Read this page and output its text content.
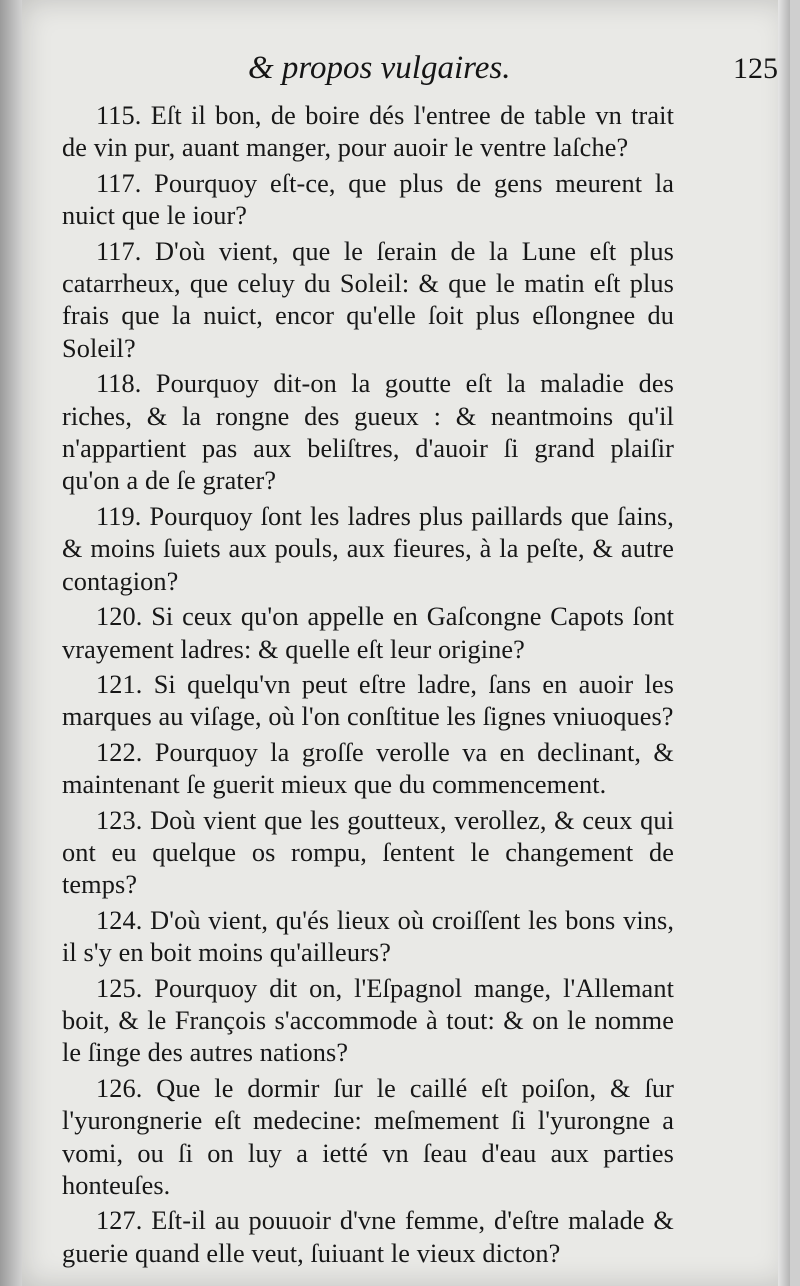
& propos vulgaires.	125

115. Eſt il bon, de boire dés l'entree de table vn trait de vin pur, auant manger, pour auoir le ventre laſche?

117. Pourquoy eſt-ce, que plus de gens meurent la nuict que le iour?

117. D'où vient, que le ſerain de la Lune eſt plus catarrheux, que celuy du Soleil: & que le matin eſt plus frais que la nuict, encor qu'elle ſoit plus eſlongnee du Soleil?

118. Pourquoy dit-on la goutte eſt la maladie des riches, & la rongne des gueux : & neantmoins qu'il n'appartient pas aux beliſtres, d'auoir ſi grand plaiſir qu'on a de ſe grater?

119. Pourquoy ſont les ladres plus paillards que ſains, & moins ſuiets aux pouls, aux fieures, à la peſte, & autre contagion?

120. Si ceux qu'on appelle en Gaſcongne Capots ſont vrayement ladres: & quelle eſt leur origine?

121. Si quelqu'vn peut eſtre ladre, ſans en auoir les marques au viſage, où l'on conſtitue les ſignes vniuoques?

122. Pourquoy la groſſe verolle va en declinant, & maintenant ſe guerit mieux que du commencement.

123. Doù vient que les goutteux, verollez, & ceux qui ont eu quelque os rompu, ſentent le changement de temps?

124. D'où vient, qu'és lieux où croiſſent les bons vins, il s'y en boit moins qu'ailleurs?

125. Pourquoy dit on, l'Eſpagnol mange, l'Allemant boit, & le François s'accommode à tout: & on le nomme le ſinge des autres nations?

126. Que le dormir ſur le caillé eſt poiſon, & ſur l'yurongnerie eſt medecine: meſmement ſi l'yurongne a vomi, ou ſi on luy a ietté vn ſeau d'eau aux parties honteuſes.

127. Eſt-il au pouuoir d'vne femme, d'eſtre malade & guerie quand elle veut, ſuiuant le vieux dicton?
